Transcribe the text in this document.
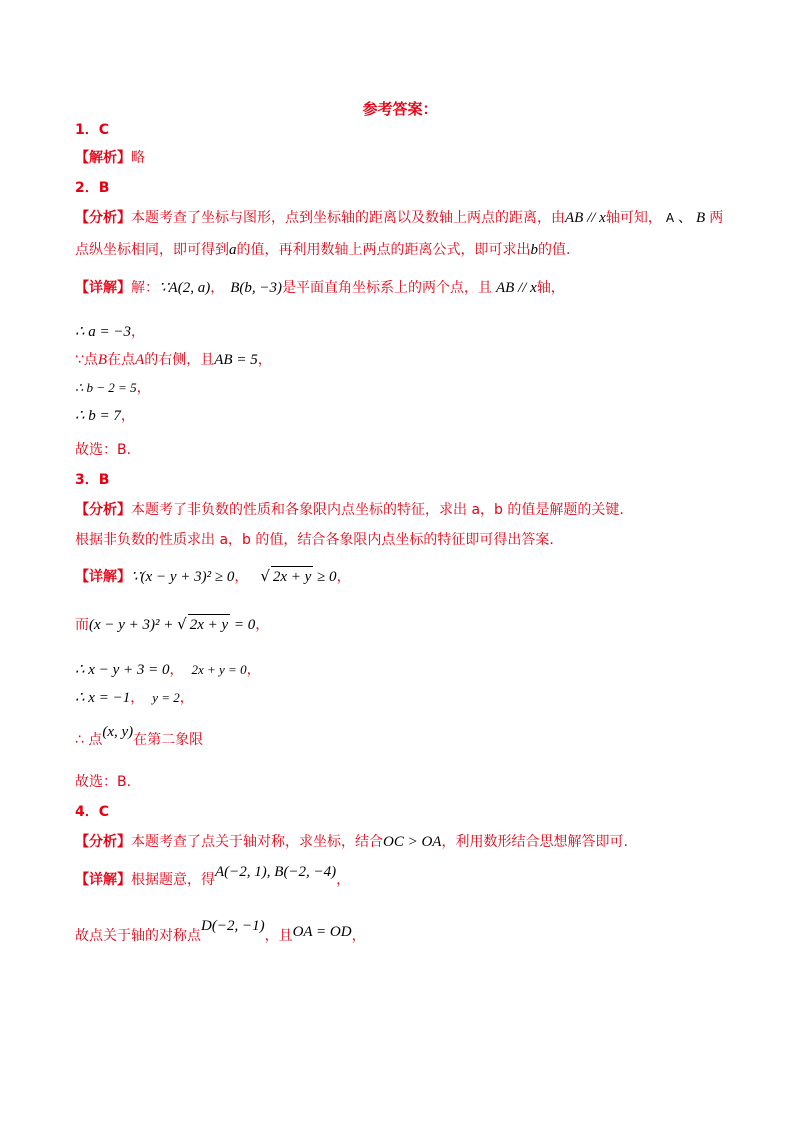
参考答案：
1．C
【解析】略
2．B
【分析】本题考查了坐标与图形，点到坐标轴的距离以及数轴上两点的距离，由AB // x轴可知， A 、 B 两
点纵坐标相同，即可得到a的值，再利用数轴上两点的距离公式，即可求出b的值.
【详解】解：∵A(2, a)， B(b, −3)是平面直角坐标系上的两个点，且 AB // x轴，
∴ a = −3，
∵点B在点A的右侧，且AB = 5，
∴ b − 2 = 5，
∴ b = 7，
故选：B.
3．B
【分析】本题考了非负数的性质和各象限内点坐标的特征，求出 a，b 的值是解题的关键.
根据非负数的性质求出 a，b 的值，结合各象限内点坐标的特征即可得出答案.
【详解】∵(x − y + 3)² ≥ 0， √ 2x + y ≥ 0，
而(x − y + 3)² + √ 2x + y = 0，
∴ x − y + 3 = 0， 2x + y = 0，
∴ x = −1， y = 2，
∴ 点(x, y)在第二象限
故选：B.
4．C
【分析】本题考查了点关于轴对称，求坐标，结合OC > OA，利用数形结合思想解答即可.
【详解】根据题意，得A(−2, 1), B(−2, −4)，
故点关于轴的对称点D(−2, −1)，且OA = OD，
